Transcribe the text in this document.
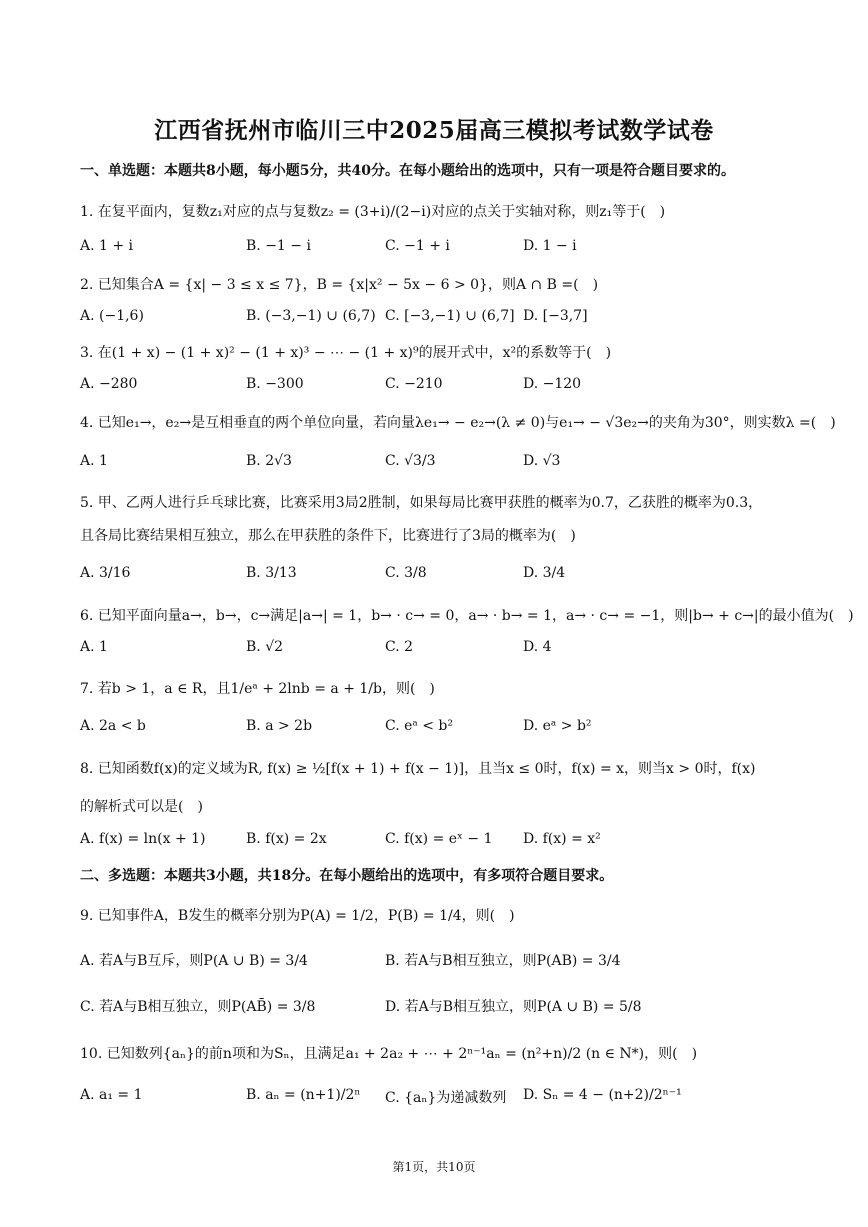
江西省抚州市临川三中2025届高三模拟考试数学试卷
一、单选题：本题共8小题，每小题5分，共40分。在每小题给出的选项中，只有一项是符合题目要求的。
1. 在复平面内，复数z₁对应的点与复数z₂ = (3+i)/(2−i)对应的点关于实轴对称，则z₁等于(　)
A. 1 + i	B. −1 − i	C. −1 + i	D. 1 − i
2. 已知集合A = {x| − 3 ≤ x ≤ 7}，B = {x|x² − 5x − 6 > 0}，则A ∩ B =(　)
A. (−1,6)	B. (−3,−1) ∪ (6,7) C. [−3,−1) ∪ (6,7] D. [−3,7]
3. 在(1 + x) − (1 + x)² − (1 + x)³ − ⋯ − (1 + x)⁹的展开式中，x²的系数等于(　)
A. −280	B. −300	C. −210	D. −120
4. 已知e₁→，e₂→是互相垂直的两个单位向量，若向量λe₁→ − e₂→(λ ≠ 0)与e₁→ − √3e₂→的夹角为30°，则实数λ =(　)
A. 1	B. 2√3	C. √3/3	D. √3
5. 甲、乙两人进行乒乓球比赛，比赛采用3局2胜制，如果每局比赛甲获胜的概率为0.7，乙获胜的概率为0.3，
且各局比赛结果相互独立，那么在甲获胜的条件下，比赛进行了3局的概率为(　)
A. 3/16	B. 3/13	C. 3/8	D. 3/4
6. 已知平面向量a→，b→，c→满足|a→| = 1，b→ · c→ = 0，a→ · b→ = 1，a→ · c→ = −1，则|b→ + c→|的最小值为(　)
A. 1	B. √2	C. 2	D. 4
7. 若b > 1，a ∈ R，且1/eᵃ + 2lnb = a + 1/b，则(　)
A. 2a < b	B. a > 2b	C. eᵃ < b²	D. eᵃ > b²
8. 已知函数f(x)的定义域为R, f(x) ≥ ½[f(x + 1) + f(x − 1)]，且当x ≤ 0时，f(x) = x，则当x > 0时，f(x)
的解析式可以是(　)
A. f(x) = ln(x + 1)	B. f(x) = 2x	C. f(x) = eˣ − 1 D. f(x) = x²
二、多选题：本题共3小题，共18分。在每小题给出的选项中，有多项符合题目要求。
9. 已知事件A，B发生的概率分别为P(A) = 1/2，P(B) = 1/4，则(　)
A. 若A与B互斥，则P(A ∪ B) = 3/4	B. 若A与B相互独立，则P(AB) = 3/4
C. 若A与B相互独立，则P(AB̄) = 3/8	D. 若A与B相互独立，则P(A ∪ B) = 5/8
10. 已知数列{aₙ}的前n项和为Sₙ，且满足a₁ + 2a₂ + ⋯ + 2ⁿ⁻¹aₙ = (n²+n)/2 (n ∈ N*)，则(　)
A. a₁ = 1	B. aₙ = (n+1)/2ⁿ C. {aₙ}为递减数列 D. Sₙ = 4 − (n+2)/2ⁿ⁻¹
第1页，共10页
